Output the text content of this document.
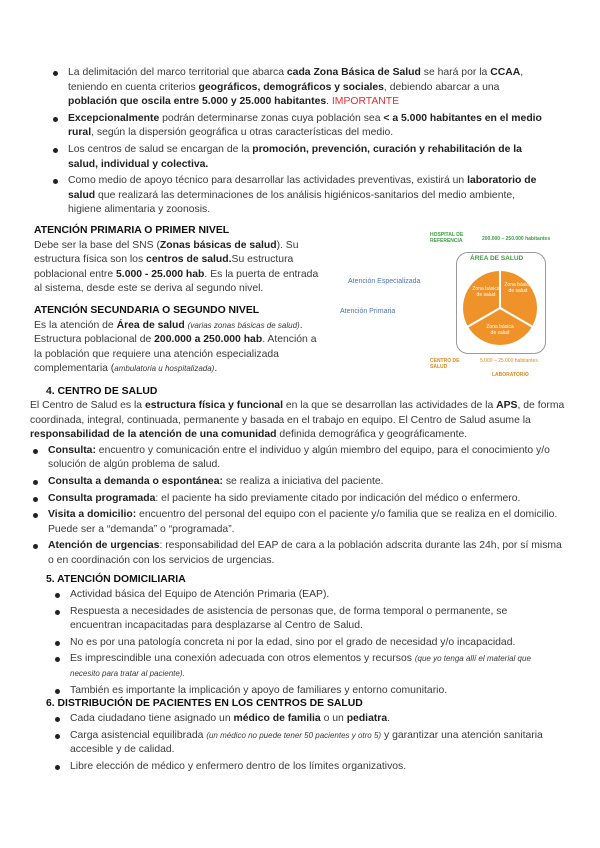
La delimitación del marco territorial que abarca cada Zona Básica de Salud se hará por la CCAA, teniendo en cuenta criterios geográficos, demográficos y sociales, debiendo abarcar a una población que oscila entre 5.000 y 25.000 habitantes. IMPORTANTE
Excepcionalmente podrán determinarse zonas cuya población sea < a 5.000 habitantes en el medio rural, según la dispersión geográfica u otras características del medio.
Los centros de salud se encargan de la promoción, prevención, curación y rehabilitación de la salud, individual y colectiva.
Como medio de apoyo técnico para desarrollar las actividades preventivas, existirá un laboratorio de salud que realizará las determinaciones de los análisis higiénicos-sanitarios del medio ambiente, higiene alimentaria y zoonosis.
ATENCIÓN PRIMARIA O PRIMER NIVEL

Debe ser la base del SNS (Zonas básicas de salud). Su estructura física son los centros de salud.Su estructura poblacional entre 5.000 - 25.000 hab. Es la puerta de entrada al sistema, desde este se deriva al segundo nivel.

ATENCIÓN SECUNDARIA O SEGUNDO NIVEL

Es la atención de Área de salud (varias zonas básicas de salud). Estructura poblacional de 200.000 a 250.000 hab. Atención a la población que requiere una atención especializada complementaria (ambulatoria u hospitalizada).

HOSPITAL DE REFERENCIA	200.000 – 250.000 habitantes
ÁREA DE SALUD
Zona básica de salud
Zona básica de salud
Zona básica de salud
Atención Especializada
Atención Primaria
CENTRO DE SALUD
5.000 – 25.000 habitantes
LABORATORIO
4. CENTRO DE SALUD

El Centro de Salud es la estructura física y funcional en la que se desarrollan las actividades de la APS, de forma coordinada, integral, continuada, permanente y basada en el trabajo en equipo. El Centro de Salud asume la responsabilidad de la atención de una comunidad definida demográfica y geográficamente.

Consulta: encuentro y comunicación entre el individuo y algún miembro del equipo, para el conocimiento y/o solución de algún problema de salud.
Consulta a demanda o espontánea: se realiza a iniciativa del paciente.
Consulta programada: el paciente ha sido previamente citado por indicación del médico o enfermero.
Visita a domicilio: encuentro del personal del equipo con el paciente y/o familia que se realiza en el domicilio. Puede ser a “demanda” o “programada”.
Atención de urgencias: responsabilidad del EAP de cara a la población adscrita durante las 24h, por sí misma o en coordinación con los servicios de urgencias.
5. ATENCIÓN DOMICILIARIA
Actividad básica del Equipo de Atención Primaria (EAP).
Respuesta a necesidades de asistencia de personas que, de forma temporal o permanente, se encuentran incapacitadas para desplazarse al Centro de Salud.
No es por una patología concreta ni por la edad, sino por el grado de necesidad y/o incapacidad.
Es imprescindible una conexión adecuada con otros elementos y recursos (que yo tenga allí el material que necesito para tratar al paciente).
También es importante la implicación y apoyo de familiares y entorno comunitario.
6. DISTRIBUCIÓN DE PACIENTES EN LOS CENTROS DE SALUD
Cada ciudadano tiene asignado un médico de familia o un pediatra.
Carga asistencial equilibrada (un médico no puede tener 50 pacientes y otro 5) y garantizar una atención sanitaria accesible y de calidad.
Libre elección de médico y enfermero dentro de los límites organizativos.
